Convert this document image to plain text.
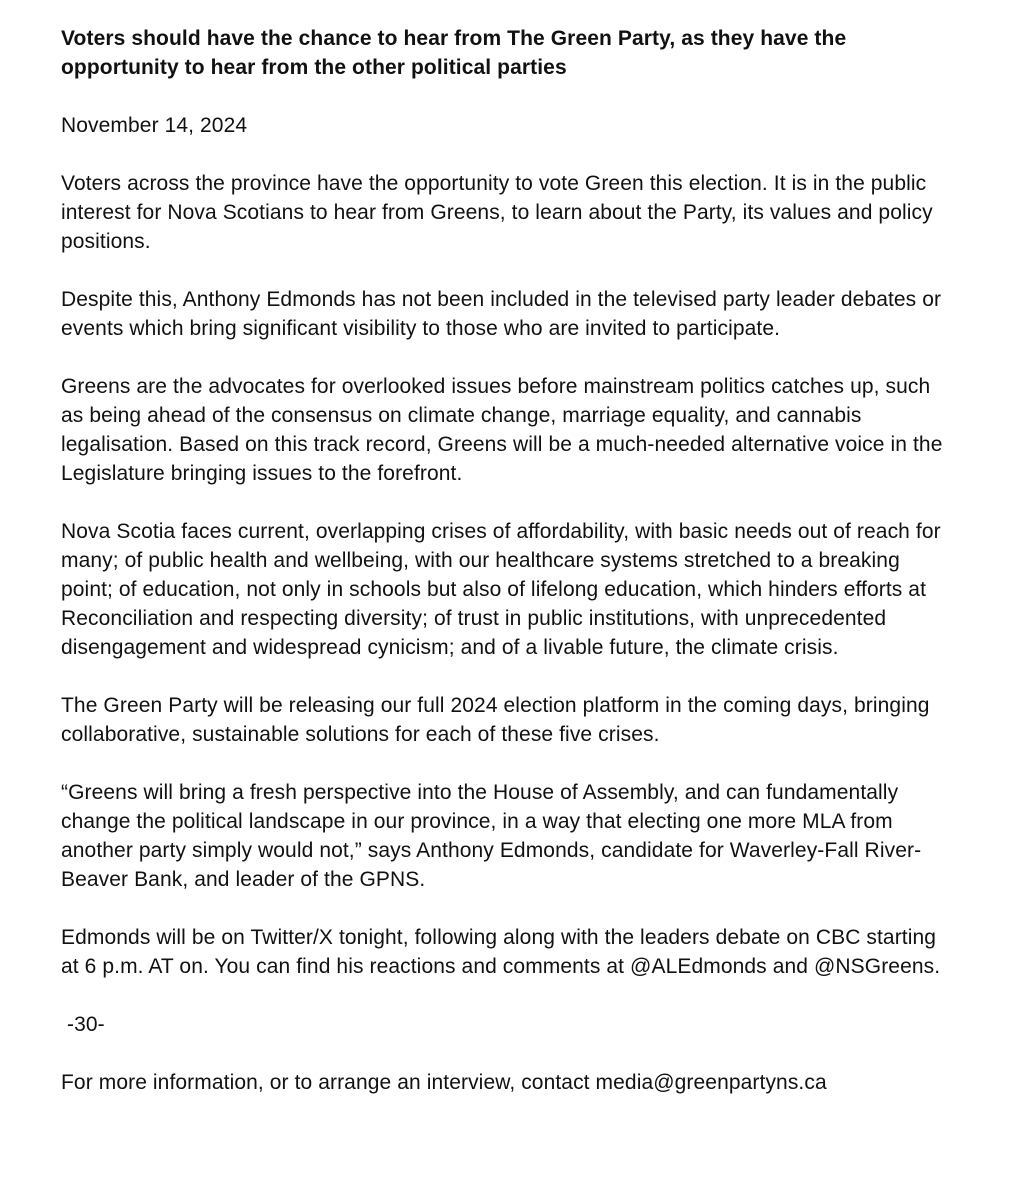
Voters should have the chance to hear from The Green Party, as they have the opportunity to hear from the other political parties

November 14, 2024

Voters across the province have the opportunity to vote Green this election. It is in the public interest for Nova Scotians to hear from Greens, to learn about the Party, its values and policy positions.

Despite this, Anthony Edmonds has not been included in the televised party leader debates or events which bring significant visibility to those who are invited to participate.

Greens are the advocates for overlooked issues before mainstream politics catches up, such as being ahead of the consensus on climate change, marriage equality, and cannabis legalisation. Based on this track record, Greens will be a much-needed alternative voice in the Legislature bringing issues to the forefront.

Nova Scotia faces current, overlapping crises of affordability, with basic needs out of reach for many; of public health and wellbeing, with our healthcare systems stretched to a breaking point; of education, not only in schools but also of lifelong education, which hinders efforts at Reconciliation and respecting diversity; of trust in public institutions, with unprecedented disengagement and widespread cynicism; and of a livable future, the climate crisis.

The Green Party will be releasing our full 2024 election platform in the coming days, bringing collaborative, sustainable solutions for each of these five crises.

“Greens will bring a fresh perspective into the House of Assembly, and can fundamentally change the political landscape in our province, in a way that electing one more MLA from another party simply would not,” says Anthony Edmonds, candidate for Waverley-Fall River-Beaver Bank, and leader of the GPNS.

Edmonds will be on Twitter/X tonight, following along with the leaders debate on CBC starting at 6 p.m. AT on. You can find his reactions and comments at @ALEdmonds and @NSGreens.

-30-

For more information, or to arrange an interview, contact media@greenpartyns.ca
